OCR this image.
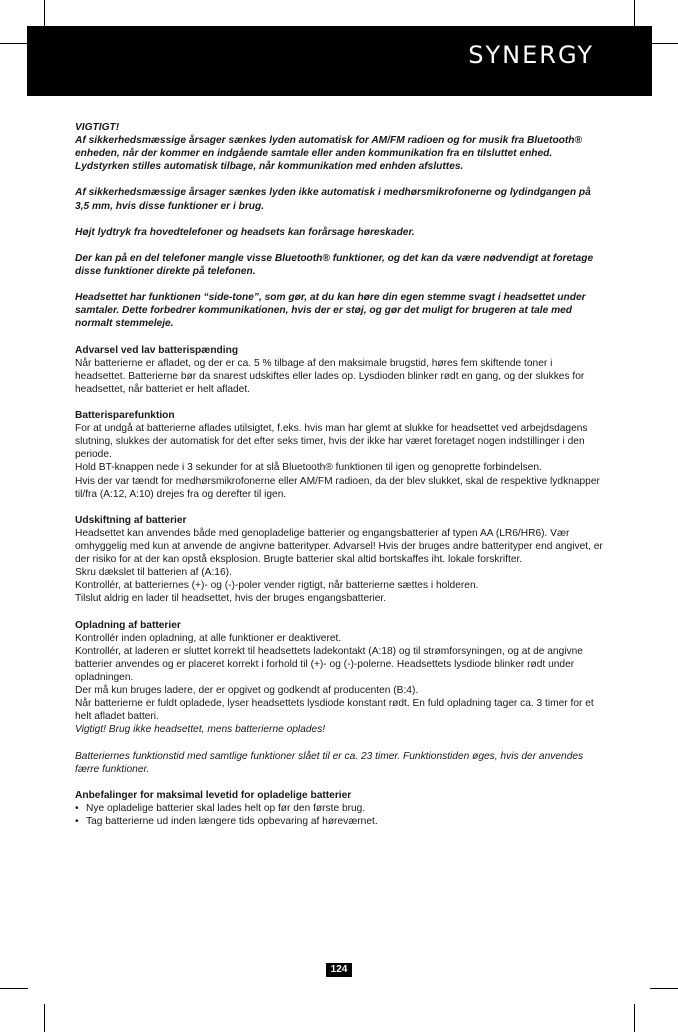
SYNERGY

VIGTIGT!
Af sikkerhedsmæssige årsager sænkes lyden automatisk for AM/FM radioen og for musik fra Bluetooth® enheden, når der kommer en indgående samtale eller anden kommunikation fra en tilsluttet enhed. Lydstyrken stilles automatisk tilbage, når kommunikation med enhden afsluttes.

Af sikkerhedsmæssige årsager sænkes lyden ikke automatisk i medhørsmikrofonerne og lydindgangen på 3,5 mm, hvis disse funktioner er i brug.

Højt lydtryk fra hovedtelefoner og headsets kan forårsage høreskader.

Der kan på en del telefoner mangle visse Bluetooth® funktioner, og det kan da være nødvendigt at foretage disse funktioner direkte på telefonen.

Headsettet har funktionen “side-tone”, som gør, at du kan høre din egen stemme svagt i headsettet under samtaler. Dette forbedrer kommunikationen, hvis der er støj, og gør det muligt for brugeren at tale med normalt stemmeleje.

Advarsel ved lav batterispænding
Når batterierne er afladet, og der er ca. 5 % tilbage af den maksimale brugstid, høres fem skiftende toner i headsettet. Batterierne bør da snarest udskiftes eller lades op. Lysdioden blinker rødt en gang, og der slukkes for headsettet, når batteriet er helt afladet.

Batterisparefunktion
For at undgå at batterierne aflades utilsigtet, f.eks. hvis man har glemt at slukke for headsettet ved arbejdsdagens slutning, slukkes der automatisk for det efter seks timer, hvis der ikke har været foretaget nogen indstillinger i den periode.
Hold BT-knappen nede i 3 sekunder for at slå Bluetooth® funktionen til igen og genoprette forbindelsen.
Hvis der var tændt for medhørsmikrofonerne eller AM/FM radioen, da der blev slukket, skal de respektive lydknapper til/fra (A:12, A:10) drejes fra og derefter til igen.

Udskiftning af batterier
Headsettet kan anvendes både med genopladelige batterier og engangsbatterier af typen AA (LR6/HR6). Vær omhyggelig med kun at anvende de angivne batterityper. Advarsel! Hvis der bruges andre batterityper end angivet, er der risiko for at der kan opstå eksplosion. Brugte batterier skal altid bortskaffes iht. lokale forskrifter.
Skru dækslet til batterien af (A:16).
Kontrollér, at batteriernes (+)- og (-)-poler vender rigtigt, når batterierne sættes i holderen.
Tilslut aldrig en lader til headsettet, hvis der bruges engangsbatterier.

Opladning af batterier
Kontrollér inden opladning, at alle funktioner er deaktiveret.
Kontrollér, at laderen er sluttet korrekt til headsettets ladekontakt (A:18) og til strømforsyningen, og at de angivne batterier anvendes og er placeret korrekt i forhold til (+)- og (-)-polerne. Headsettets lysdiode blinker rødt under opladningen.
Der må kun bruges ladere, der er opgivet og godkendt af producenten (B:4).
Når batterierne er fuldt opladede, lyser headsettets lysdiode konstant rødt. En fuld opladning tager ca. 3 timer for et helt afladet batteri.
Vigtigt! Brug ikke headsettet, mens batterierne oplades!

Batteriernes funktionstid med samtlige funktioner slået til er ca. 23 timer. Funktionstiden øges, hvis der anvendes færre funktioner.

Anbefalinger for maksimal levetid for opladelige batterier
• Nye opladelige batterier skal lades helt op før den første brug.
• Tag batterierne ud inden længere tids opbevaring af høreværnet.
124
